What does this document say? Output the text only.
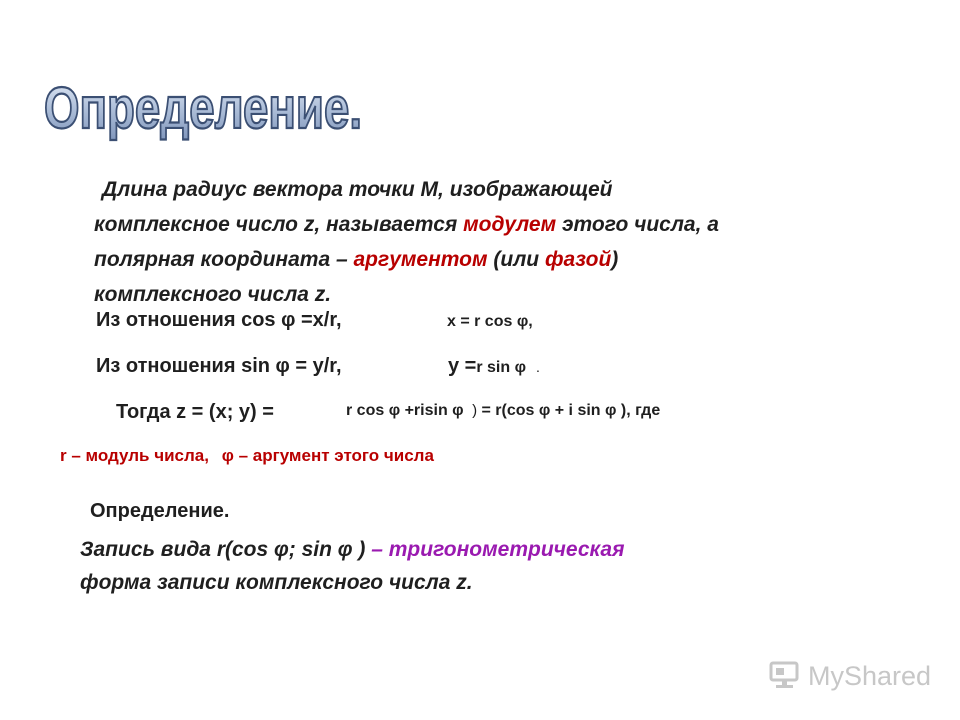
Определение.
Длина радиус вектора точки М, изображающей
комплексное число z, называется модулем этого числа, а
полярная координата – аргументом (или фазой)
комплексного числа z.
Из отношения cos φ =x/r,	x = r cos φ,
Из отношения sin φ = y/r,	y =r sin φ .
Тогда z = (x; y) =	r cos φ +risin φ ) = r(cos φ + i sin φ ), где
r – модуль числа, φ – аргумент этого числа
Определение.
Запись вида r(cos φ; sin φ ) – тригонометрическая
форма записи комплексного числа z.
MyShared
